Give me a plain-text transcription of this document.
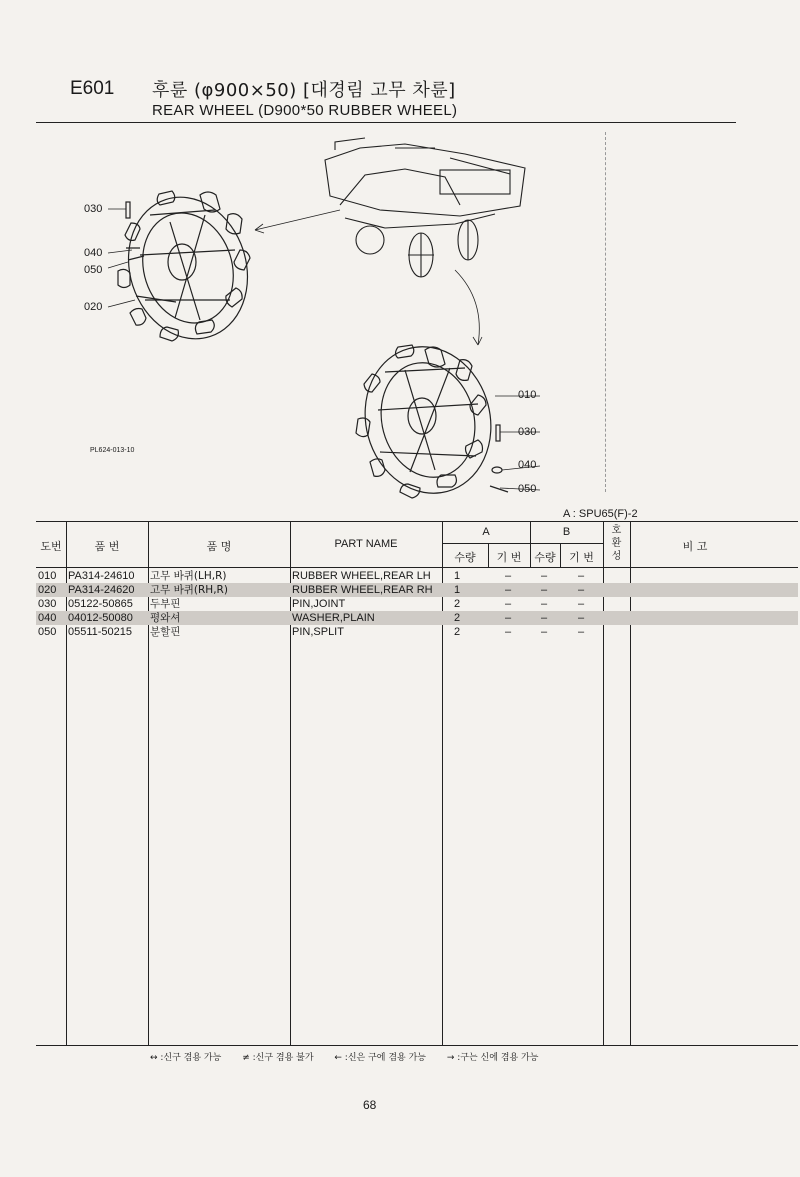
E601 후륜 (φ900×50) [대경림 고무 차륜]
REAR WHEEL (D900*50 RUBBER WHEEL)
PL624-013-10
030
040
050
020
010
030
040
050
A : SPU65(F)-2
도번	품 번	품 명	PART NAME
A	B
수량	기 번	수량	기 번
호
환
성
비 고
010 PA314-24610 고무 바퀴(LH,R)	RUBBER WHEEL,REAR LH 1	–	–	–
020 PA314-24620 고무 바퀴(RH,R)	RUBBER WHEEL,REAR RH 1	–	–	–
030 05122-50865 두부핀	PIN,JOINT	2	–	–	–
040 04012-50080 평와셔	WASHER,PLAIN	2	–	–	–
050 05511-50215 분할핀	PIN,SPLIT	2	–	–	–
↔ :신구 겸용 가능 ≠ :신구 겸용 불가 ← :신은 구에 겸용 가능 → :구는 신에 겸용 가능
68
